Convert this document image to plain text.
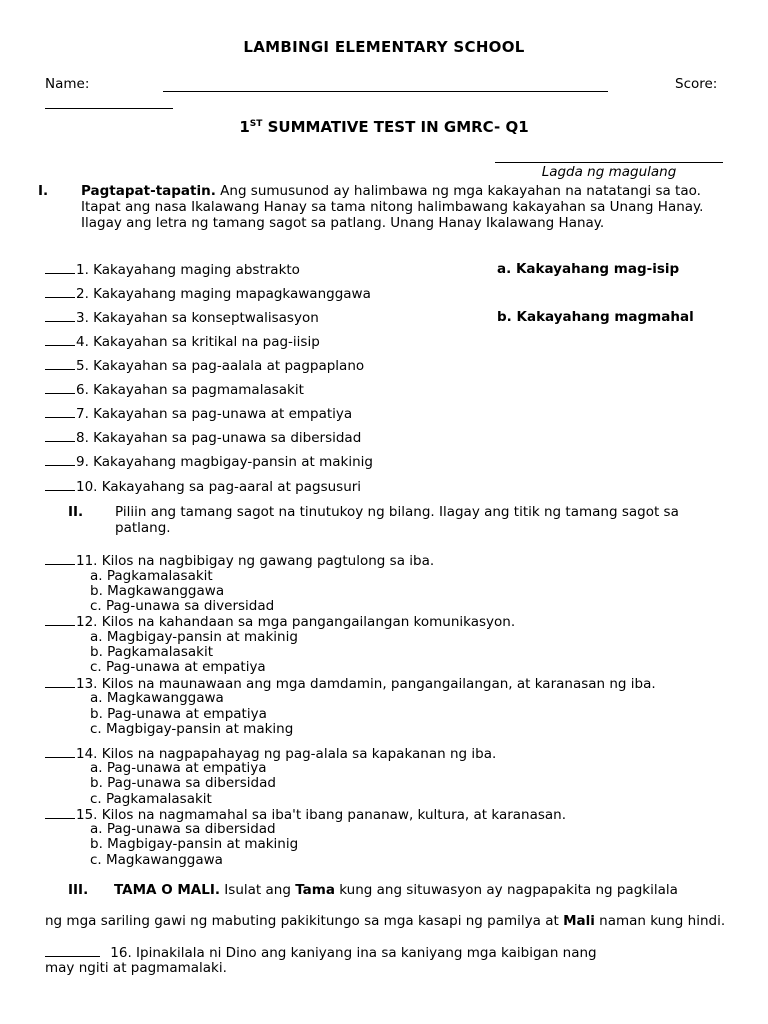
LAMBINGI ELEMENTARY SCHOOL
Name:	Score:
1ST SUMMATIVE TEST IN GMRC- Q1
Lagda ng magulang
I. Pagtapat-tapatin. Ang sumusunod ay halimbawa ng mga kakayahan na natatangi sa tao. Itapat ang nasa Ikalawang Hanay sa tama nitong halimbawang kakayahan sa Unang Hanay. Ilagay ang letra ng tamang sagot sa patlang. Unang Hanay Ikalawang Hanay.
1. Kakayahang maging abstrakto
2. Kakayahang maging mapagkawanggawa
3. Kakayahan sa konseptwalisasyon
4. Kakayahan sa kritikal na pag-iisip
5. Kakayahan sa pag-aalala at pagpaplano
6. Kakayahan sa pagmamalasakit
7. Kakayahan sa pag-unawa at empatiya
8. Kakayahan sa pag-unawa sa dibersidad
9. Kakayahang magbigay-pansin at makinig
10. Kakayahang sa pag-aaral at pagsusuri
a. Kakayahang mag-isip
b. Kakayahang magmahal
II. Piliin ang tamang sagot na tinutukoy ng bilang. Ilagay ang titik ng tamang sagot sa patlang.
11. Kilos na nagbibigay ng gawang pagtulong sa iba.
a. Pagkamalasakit
b. Magkawanggawa
c. Pag-unawa sa diversidad
12. Kilos na kahandaan sa mga pangangailangan komunikasyon.
a. Magbigay-pansin at makinig
b. Pagkamalasakit
c. Pag-unawa at empatiya
13. Kilos na maunawaan ang mga damdamin, pangangailangan, at karanasan ng iba.
a. Magkawanggawa
b. Pag-unawa at empatiya
c. Magbigay-pansin at making
14. Kilos na nagpapahayag ng pag-alala sa kapakanan ng iba.
a. Pag-unawa at empatiya
b. Pag-unawa sa dibersidad
c. Pagkamalasakit
15. Kilos na nagmamahal sa iba't ibang pananaw, kultura, at karanasan.
a. Pag-unawa sa dibersidad
b. Magbigay-pansin at makinig
c. Magkawanggawa
III. TAMA O MALI. Isulat ang Tama kung ang situwasyon ay nagpapakita ng pagkilala
ng mga sariling gawi ng mabuting pakikitungo sa mga kasapi ng pamilya at Mali naman kung hindi.
16. Ipinakilala ni Dino ang kaniyang ina sa kaniyang mga kaibigan nang
may ngiti at pagmamalaki.
